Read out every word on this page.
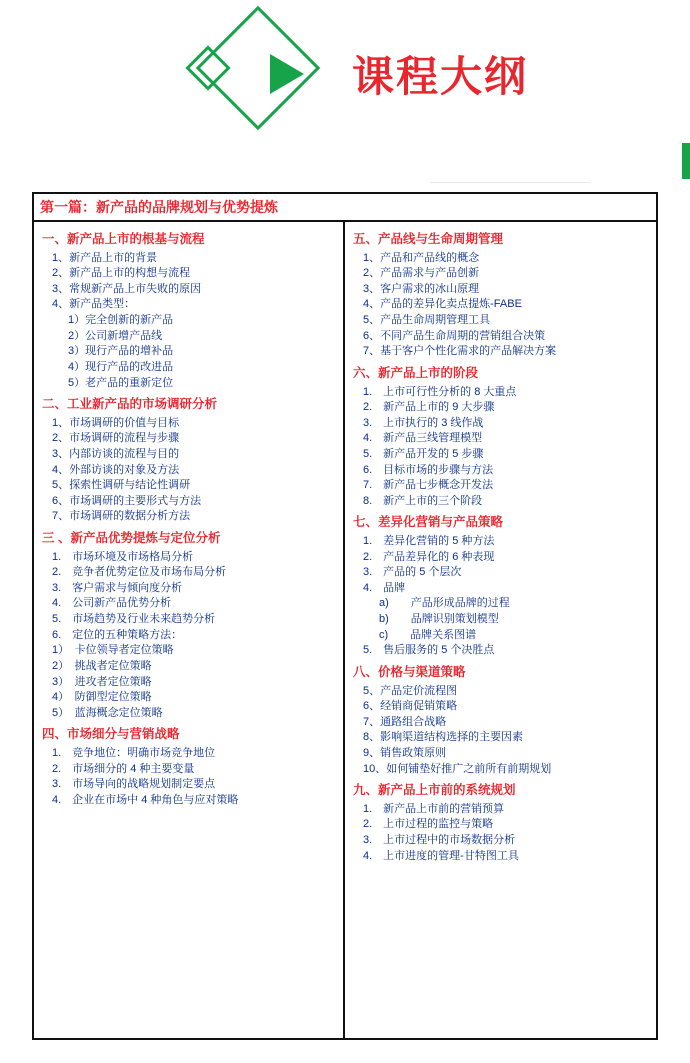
课程大纲
第一篇：新产品的品牌规划与优势提炼
一、新产品上市的根基与流程
1、新产品上市的背景
2、新产品上市的构想与流程
3、常规新产品上市失败的原因
4、新产品类型：
1）完全创新的新产品
2）公司新增产品线
3）现行产品的增补品
4）现行产品的改进品
5）老产品的重新定位
二、工业新产品的市场调研分析
1、市场调研的价值与目标
2、市场调研的流程与步骤
3、内部访谈的流程与目的
4、外部访谈的对象及方法
5、探索性调研与结论性调研
6、市场调研的主要形式与方法
7、市场调研的数据分析方法
三 、新产品优势提炼与定位分析
1.　市场环境及市场格局分析
2.　竞争者优势定位及市场布局分析
3.　客户需求与倾向度分析
4.　公司新产品优势分析
5.　市场趋势及行业未来趋势分析
6.　定位的五种策略方法：
1）　卡位领导者定位策略
2）　挑战者定位策略
3）　进攻者定位策略
4）　防御型定位策略
5）　蓝海概念定位策略
四、市场细分与营销战略
1.　竞争地位：明确市场竞争地位
2.　市场细分的 4 种主要变量
3.　市场导向的战略规划制定要点
4.　企业在市场中 4 种角色与应对策略
五、产品线与生命周期管理
1、产品和产品线的概念
2、产品需求与产品创新
3、客户需求的冰山原理
4、产品的差异化卖点提炼-FABE
5、产品生命周期管理工具
6、不同产品生命周期的营销组合决策
7、基于客户个性化需求的产品解决方案
六、新产品上市的阶段
1.　上市可行性分析的 8 大重点
2.　新产品上市的 9 大步骤
3.　上市执行的 3 线作战
4.　新产品三线管理模型
5.　新产品开发的 5 步骤
6.　目标市场的步骤与方法
7.　新产品七步概念开发法
8.　新产上市的三个阶段
七、差异化营销与产品策略
1.　差异化营销的 5 种方法
2.　产品差异化的 6 种表现
3.　产品的 5 个层次
4.　品牌
a)　　产品形成品牌的过程
b)　　品牌识别策划模型
c)　　品牌关系图谱
5.　售后服务的 5 个决胜点
八、价格与渠道策略
5、产品定价流程图
6、经销商促销策略
7、通路组合战略
8、影响渠道结构选择的主要因素
9、销售政策原则
10、如何铺垫好推广之前所有前期规划
九、新产品上市前的系统规划
1.　新产品上市前的营销预算
2.　上市过程的监控与策略
3.　上市过程中的市场数据分析
4.　上市进度的管理-甘特图工具
